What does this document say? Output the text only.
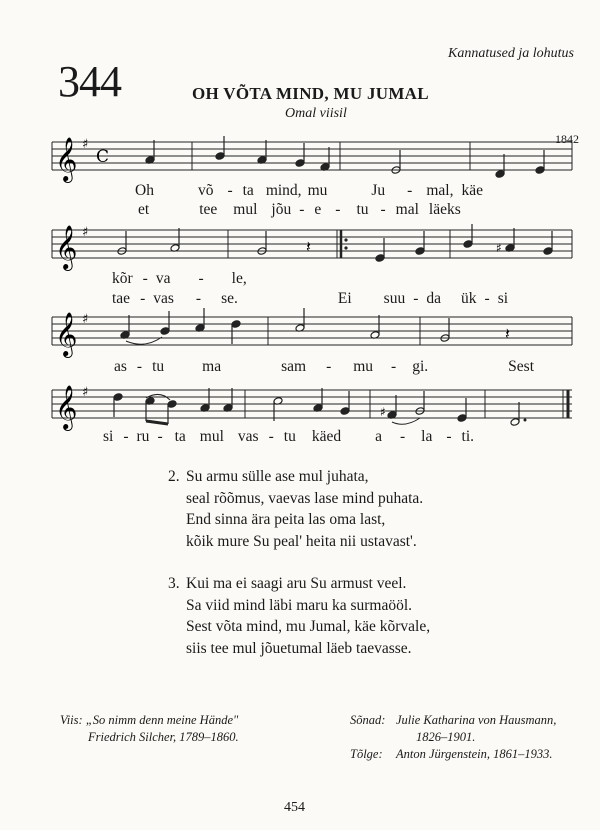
Kannatused ja lohutus
344	OH VÕTA MIND, MU JUMAL
Omal viisil
1842
𝄞 ♯
C
Oh	võ - ta mind, mu	Ju - mal, käe
et	tee mul jõu - e - tu - mal läeks
𝄞 ♯
𝄽	♯
kõr - va - le,
tae - vas - se.	Ei suu - da ük - si
𝄞 ♯
𝄽
as - tu ma	sam - mu - gi.	Sest
𝄞 ♯
♯
si - ru - ta mul vas - tu käed a - la - ti.
2. Su armu sülle ase mul juhata,
seal rõõmus, vaevas lase mind puhata.
End sinna ära peita las oma last,
kõik mure Su peal' heita nii ustavast'.
3. Kui ma ei saagi aru Su armust veel.
Sa viid mind läbi maru ka surmaööl.
Sest võta mind, mu Jumal, käe kõrvale,
siis tee mul jõuetumal läeb taevasse.
Viis: „So nimm denn meine Hände"
Friedrich Silcher, 1789–1860.
Sõnad: Julie Katharina von Hausmann,
1826–1901.
Tõlge:	Anton Jürgenstein, 1861–1933.
454
